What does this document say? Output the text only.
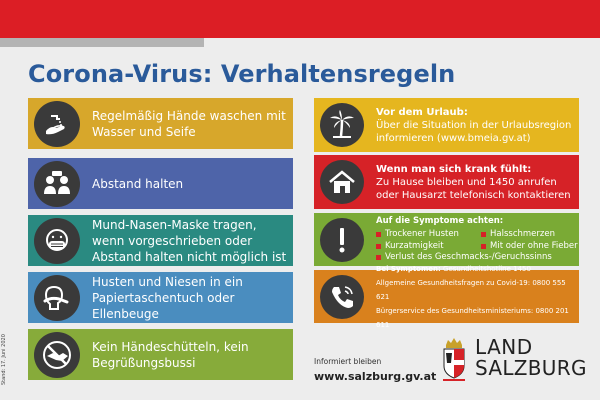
Corona-Virus: Verhaltensregeln
Stand: 17. Juni 2020
Regelmäßig Hände waschen mit Wasser und Seife
Abstand halten
Mund-Nasen-Maske tragen, wenn vorgeschrieben oder Abstand halten nicht möglich ist
Husten und Niesen in ein Papiertaschentuch oder Ellenbeuge
Kein Händeschütteln, kein Begrüßungsbussi
Vor dem Urlaub:
Über die Situation in der Urlaubsregion
informieren (www.bmeia.gv.at)
Wenn man sich krank fühlt:
Zu Hause bleiben und 1450 anrufen
oder Hausarzt telefonisch kontaktieren
Auf die Symptome achten:
Trockener Husten	Halsschmerzen
Kurzatmigkeit	Mit oder ohne Fieber
Verlust des Geschmacks-/Geruchssinns
Bei Symptomen: Gesundheitshotline 1450
Allgemeine Gesundheitsfragen zu Covid-19: 0800 555 621
Bürgerservice des Gesundheitsministeriums: 0800 201 611
Informiert bleiben
www.salzburg.gv.at
LAND
SALZBURG
